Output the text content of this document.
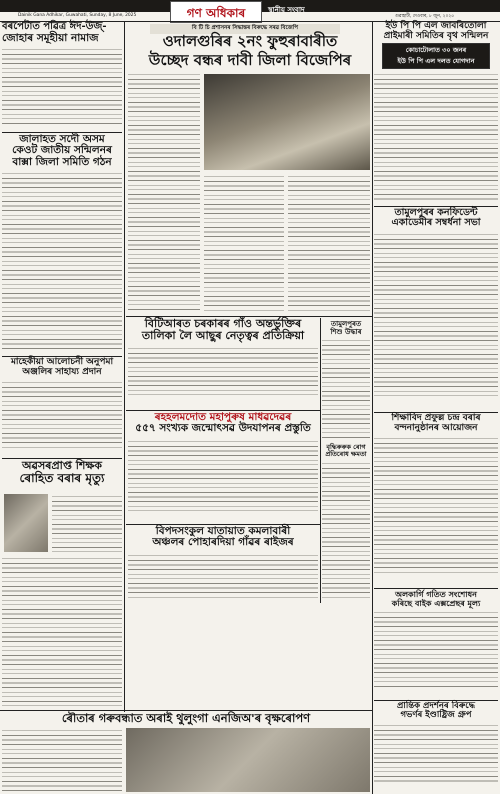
Dainik Gana Adhikar, Guwahati, Sunday, 8 June, 2025	গণ অধিকাৰ	স্থানীয় সংবাদ
গুৱাহাটী, দেওবাৰ, ৮ জুন, ২০২৫
বৰপেটাত পৱিত্ৰ ঈদ-উজ্-
জোহাৰ সমূহীয়া নামাজ
জালাহত সদৌ অসম
কেওট জাতীয় সন্মিলনৰ
বাক্সা জিলা সমিতি গঠন
মাহেকীয়া আলোচনী অনুপমা
অঞ্জলিৰ সাহায্য প্ৰদান
অৱসৰপ্ৰাপ্ত শিক্ষক
ৰোহিত বৰাৰ মৃত্যু
বি টি চি প্ৰশাসনৰ সিদ্ধান্তৰ বিৰুদ্ধে সৰৱ বিজেপি
ওদালগুৰিৰ ২নং ফুহুৰাবাৰীত
উচ্ছেদ বন্ধৰ দাবী জিলা বিজেপিৰ
বিটিআৰত চৰকাৰৰ গাঁও অন্তৰ্ভুক্তিৰ
তালিকা লৈ আছুৰ নেতৃত্বৰ প্ৰতিক্ৰিয়া
তামুলপুৰত
শিশু উদ্ধাৰ
ৰহহলমদোত মহাপুৰুষ মাধৱদেৱৰ
৫৫৭ সংখ্যক জন্মোৎসৱ উদযাপনৰ প্ৰস্তুতি
বৃদ্ধিৰুৰুক ৰোগ
প্ৰতিৰোধ ক্ষমতা
বিপদসংকুল যাতায়াত কমলাবাৰী
অঞ্চলৰ পোহাৰদিয়া গাঁৱৰ ৰাইজৰ
ৰৌতাৰ গৰুবন্ধাত অৰাই থুলুংগা এনজিঅ'ৰ বৃক্ষৰোপণ
ইউ পি পি এল জাবৰিতোলা
প্ৰাইমাৰী সমিতিৰ বৃথ সন্মিলন
কোচাটোলাত ৩০ জনৰ
ইউ পি পি এল দলত যোগদান
তামুলপুৰৰ কনফিডেন্ট
একাডেমীৰ সম্বৰ্ধনা সভা
শিক্ষাবিদ প্ৰফুল্ল চন্দ্ৰ বৰাৰ
বন্দনানুষ্ঠানৰ আয়োজন
অলকাৰ্গি গতিত সংশোধন
কৰিছে বাইক এক্সপ্ৰেছৰ মূল্য
প্ৰান্তিক প্ৰদৰ্শনৰ বিৰুদ্ধে
গভৰ্ণৰ ইণ্ডাষ্ট্ৰিজ গ্ৰুপ
